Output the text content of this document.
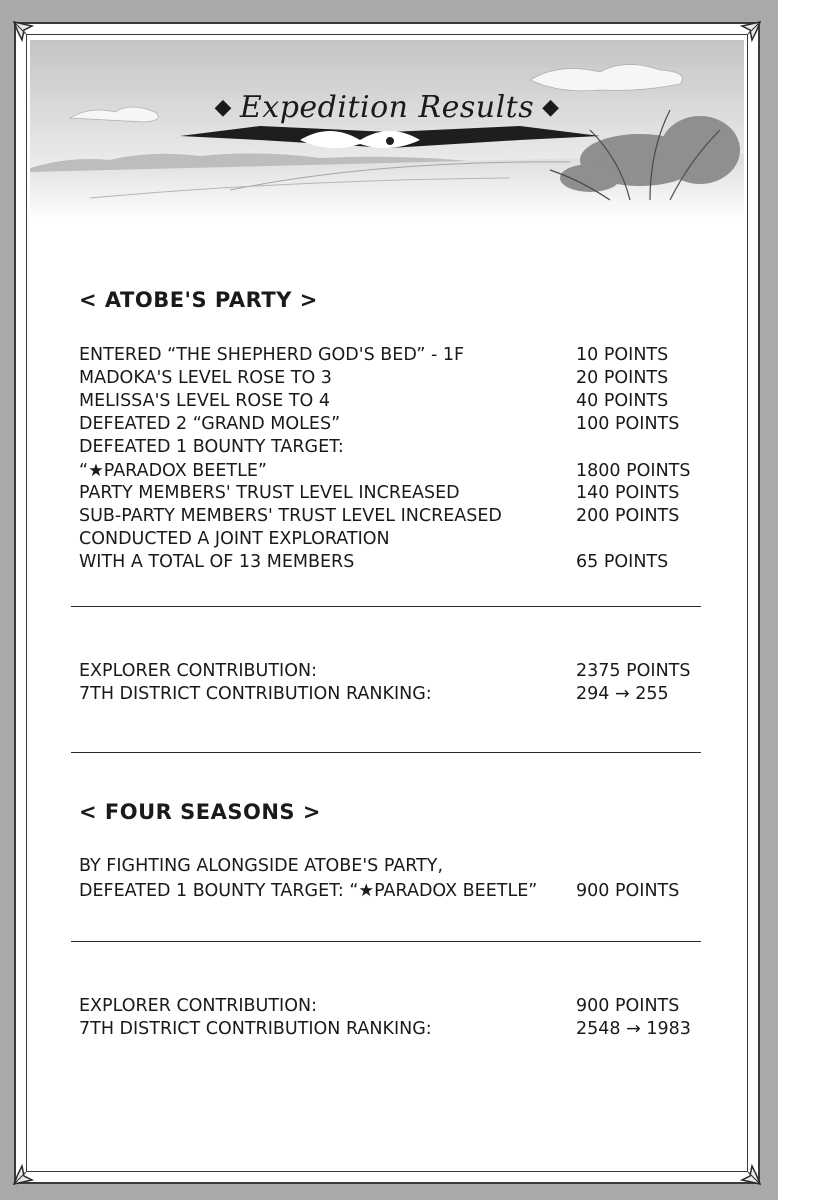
◆ Expedition Results ◆
< ATOBE'S PARTY >
ENTERED “THE SHEPHERD GOD'S BED” - 1F	10 POINTS
MADOKA'S LEVEL ROSE TO 3	20 POINTS
MELISSA'S LEVEL ROSE TO 4	40 POINTS
DEFEATED 2 “GRAND MOLES”	100 POINTS
DEFEATED 1 BOUNTY TARGET:
“★PARADOX BEETLE”	1800 POINTS
PARTY MEMBERS' TRUST LEVEL INCREASED	140 POINTS
SUB-PARTY MEMBERS' TRUST LEVEL INCREASED	200 POINTS
CONDUCTED A JOINT EXPLORATION
WITH A TOTAL OF 13 MEMBERS	65 POINTS
EXPLORER CONTRIBUTION:	2375 POINTS
7TH DISTRICT CONTRIBUTION RANKING:	294 → 255
< FOUR SEASONS >
BY FIGHTING ALONGSIDE ATOBE'S PARTY,
DEFEATED 1 BOUNTY TARGET: “★PARADOX BEETLE” 900 POINTS
EXPLORER CONTRIBUTION:	900 POINTS
7TH DISTRICT CONTRIBUTION RANKING:	2548 → 1983
